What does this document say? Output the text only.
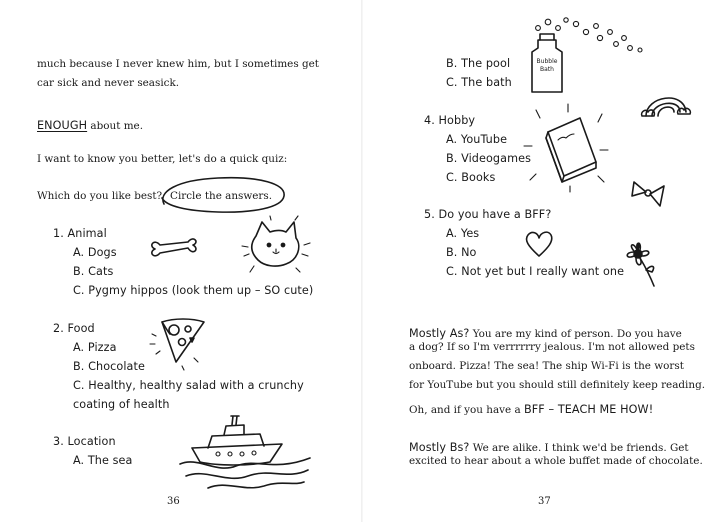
much because I never knew him, but I sometimes get
car sick and never seasick.
ENOUGH about me.
I want to know you better, let's do a quick quiz:
Which do you like best? Circle the answers.
1. Animal
A. Dogs
B. Cats
C. Pygmy hippos (look them up – SO cute)
2. Food
A. Pizza
B. Chocolate
C. Healthy, healthy salad with a crunchy
coating of health
3. Location
A. The sea
36
B. The pool
C. The bath
Bubble Bath
4. Hobby
A. YouTube
B. Videogames
C. Books
5. Do you have a BFF?
A. Yes
B. No
C. Not yet but I really want one
Mostly As? You are my kind of person. Do you have
a dog? If so I'm verrrrrry jealous. I'm not allowed pets
onboard. Pizza! The sea! The ship Wi-Fi is the worst
for YouTube but you should still definitely keep reading.
Oh, and if you have a BFF – TEACH ME HOW!
Mostly Bs? We are alike. I think we'd be friends. Get
excited to hear about a whole buffet made of chocolate.
37
